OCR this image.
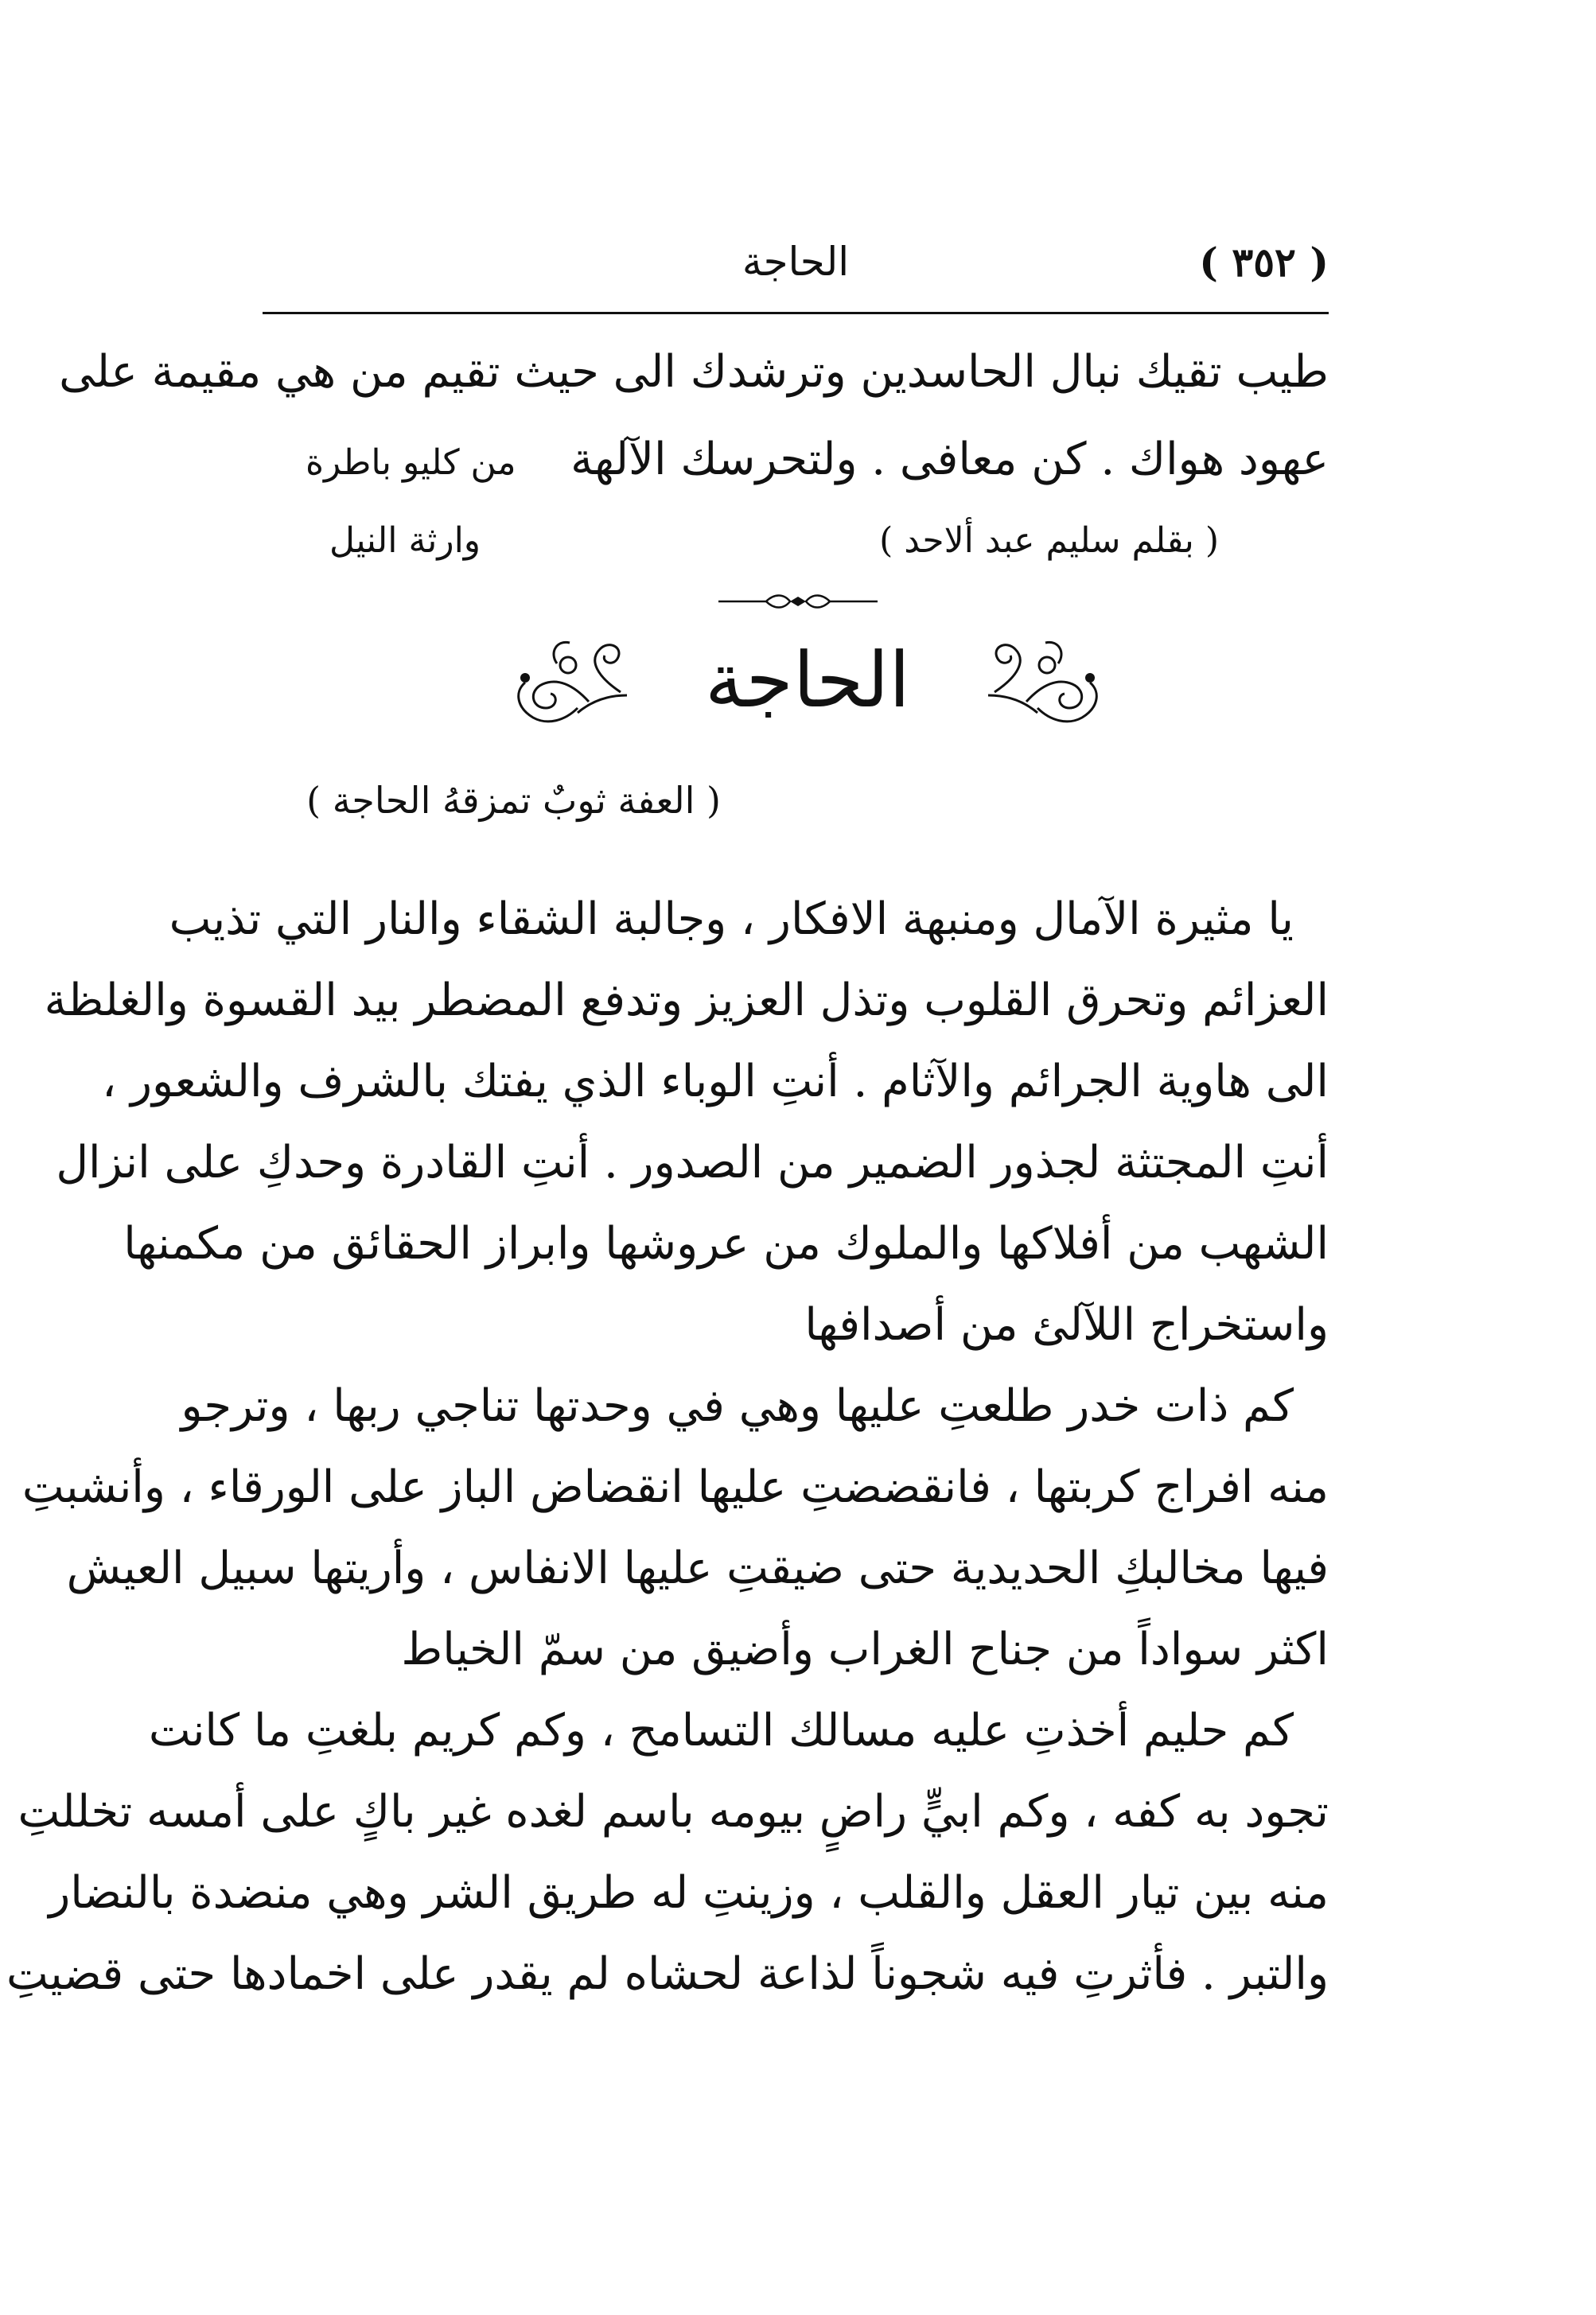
( ٣٥٢ )
الحاجة
طيب تقيك نبال الحاسدين وترشدك الى حيث تقيم من هي مقيمة على
عهود هواك . كن معافى . ولتحرسك الآلهة
من كليو باطرة
وارثة النيل	( بقلم سليم عبد ألاحد )
الحاجة
( العفة ثوبٌ تمزقهُ الحاجة )
يا مثيرة الآمال ومنبهة الافكار ، وجالبة الشقاء والنار التي تذيب
العزائم وتحرق القلوب وتذل العزيز وتدفع المضطر بيد القسوة والغلظة
الى هاوية الجرائم والآثام . أنتِ الوباء الذي يفتك بالشرف والشعور ،
أنتِ المجتثة لجذور الضمير من الصدور . أنتِ القادرة وحدكِ على انزال
الشهب من أفلاكها والملوك من عروشها وابراز الحقائق من مكمنها
واستخراج اللآلئ من أصدافها
كم ذات خدر طلعتِ عليها وهي في وحدتها تناجي ربها ، وترجو
منه افراج كربتها ، فانقضضتِ عليها انقضاض الباز على الورقاء ، وأنشبتِ
فيها مخالبكِ الحديدية حتى ضيقتِ عليها الانفاس ، وأريتها سبيل العيش
اكثر سواداً من جناح الغراب وأضيق من سمّ الخياط
كم حليم أخذتِ عليه مسالك التسامح ، وكم كريم بلغتِ ما كانت
تجود به كفه ، وكم ابيٍّ راضٍ بيومه باسم لغده غير باكٍ على أمسه تخللتِ
منه بين تيار العقل والقلب ، وزينتِ له طريق الشر وهي منضدة بالنضار
والتبر . فأثرتِ فيه شجوناً لذاعة لحشاه لم يقدر على اخمادها حتى قضيتِ
